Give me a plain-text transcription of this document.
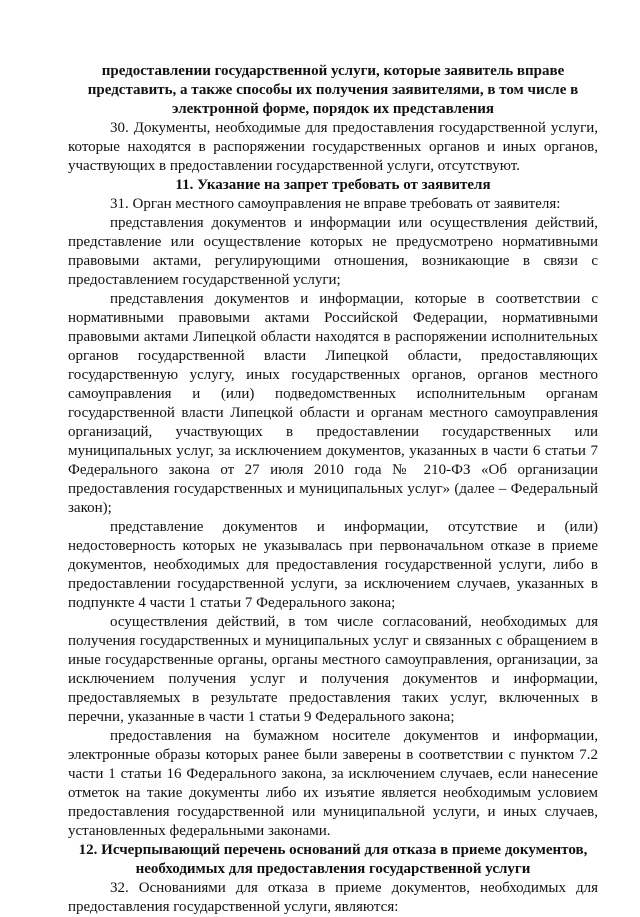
предоставлении государственной услуги, которые заявитель вправе представить, а также способы их получения заявителями, в том числе в электронной форме, порядок их представления

30. Документы, необходимые для предоставления государственной услуги, которые находятся в распоряжении государственных органов и иных органов, участвующих в предоставлении государственной услуги, отсутствуют.

11. Указание на запрет требовать от заявителя

31. Орган местного самоуправления не вправе требовать от заявителя:

представления документов и информации или осуществления действий, представление или осуществление которых не предусмотрено нормативными правовыми актами, регулирующими отношения, возникающие в связи с предоставлением государственной услуги;

представления документов и информации, которые в соответствии с нормативными правовыми актами Российской Федерации, нормативными правовыми актами Липецкой области находятся в распоряжении исполнительных органов государственной власти Липецкой области, предоставляющих государственную услугу, иных государственных органов, органов местного самоуправления и (или) подведомственных исполнительным органам государственной власти Липецкой области и органам местного самоуправления организаций, участвующих в предоставлении государственных или муниципальных услуг, за исключением документов, указанных в части 6 статьи 7 Федерального закона от 27 июля 2010 года № 210-ФЗ «Об организации предоставления государственных и муниципальных услуг» (далее – Федеральный закон);

представление документов и информации, отсутствие и (или) недостоверность которых не указывалась при первоначальном отказе в приеме документов, необходимых для предоставления государственной услуги, либо в предоставлении государственной услуги, за исключением случаев, указанных в подпункте 4 части 1 статьи 7 Федерального закона;

осуществления действий, в том числе согласований, необходимых для получения государственных и муниципальных услуг и связанных с обращением в иные государственные органы, органы местного самоуправления, организации, за исключением получения услуг и получения документов и информации, предоставляемых в результате предоставления таких услуг, включенных в перечни, указанные в части 1 статьи 9 Федерального закона;

предоставления на бумажном носителе документов и информации, электронные образы которых ранее были заверены в соответствии с пунктом 7.2 части 1 статьи 16 Федерального закона, за исключением случаев, если нанесение отметок на такие документы либо их изъятие является необходимым условием предоставления государственной или муниципальной услуги, и иных случаев, установленных федеральными законами.

12. Исчерпывающий перечень оснований для отказа в приеме документов, необходимых для предоставления государственной услуги

32. Основаниями для отказа в приеме документов, необходимых для предоставления государственной услуги, являются:
